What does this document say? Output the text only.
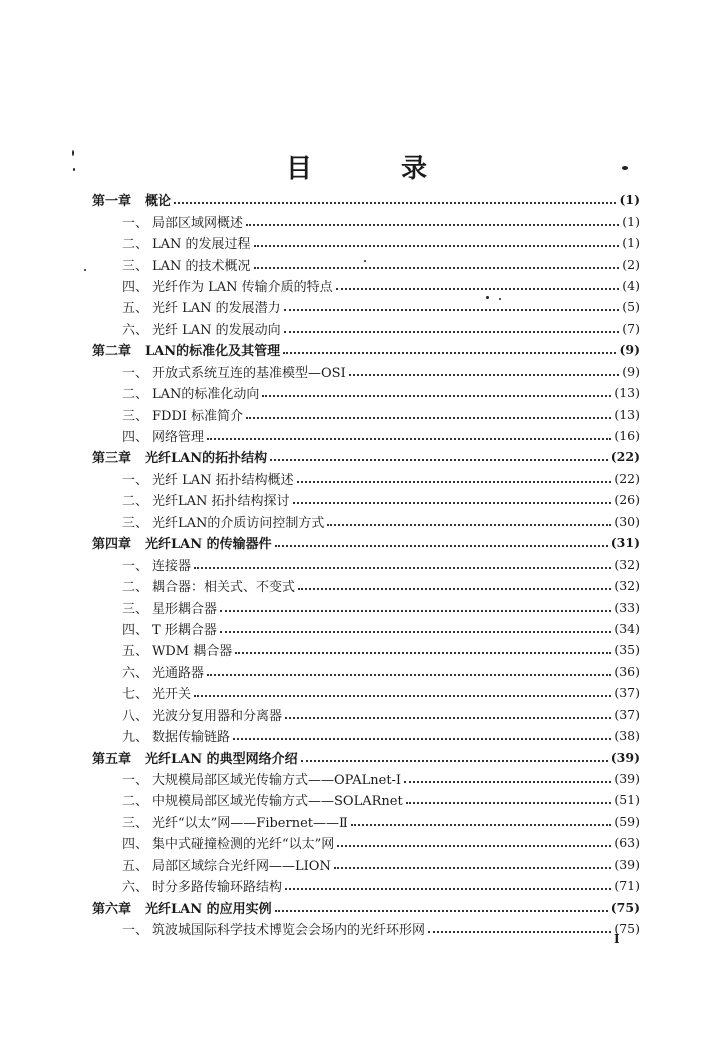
目 录
第一章	概论	(1)
一、 局部区域网概述	(1)
二、 LAN 的发展过程	(1)
三、 LAN 的技术概况	(2)
四、 光纤作为 LAN 传输介质的特点	(4)
五、 光纤 LAN 的发展潜力	(5)
六、 光纤 LAN 的发展动向	(7)
第二章	LAN的标准化及其管理	(9)
一、 开放式系统互连的基准模型—OSI	(9)
二、 LAN的标准化动向	(13)
三、 FDDI 标准简介	(13)
四、 网络管理	(16)
第三章	光纤LAN的拓扑结构	(22)
一、 光纤 LAN 拓扑结构概述	(22)
二、 光纤LAN 拓扑结构探讨	(26)
三、 光纤LAN的介质访问控制方式	(30)
第四章	光纤LAN 的传输器件	(31)
一、 连接器	(32)
二、 耦合器：相关式、不变式	(32)
三、 星形耦合器	(33)
四、 T 形耦合器	(34)
五、 WDM 耦合器	(35)
六、 光通路器	(36)
七、 光开关	(37)
八、 光波分复用器和分离器	(37)
九、 数据传输链路	(38)
第五章	光纤LAN 的典型网络介绍	(39)
一、 大规模局部区域光传输方式——OPALnet-Ⅰ	(39)
二、 中规模局部区域光传输方式——SOLARnet	(51)
三、 光纤“以太”网——Fibernet——Ⅱ	(59)
四、 集中式碰撞检测的光纤“以太”网	(63)
五、 局部区域综合光纤网——LION	(39)
六、 时分多路传输环路结构	(71)
第六章	光纤LAN 的应用实例	(75)
一、 筑波城国际科学技术博览会会场内的光纤环形网	(75)
Ⅰ
